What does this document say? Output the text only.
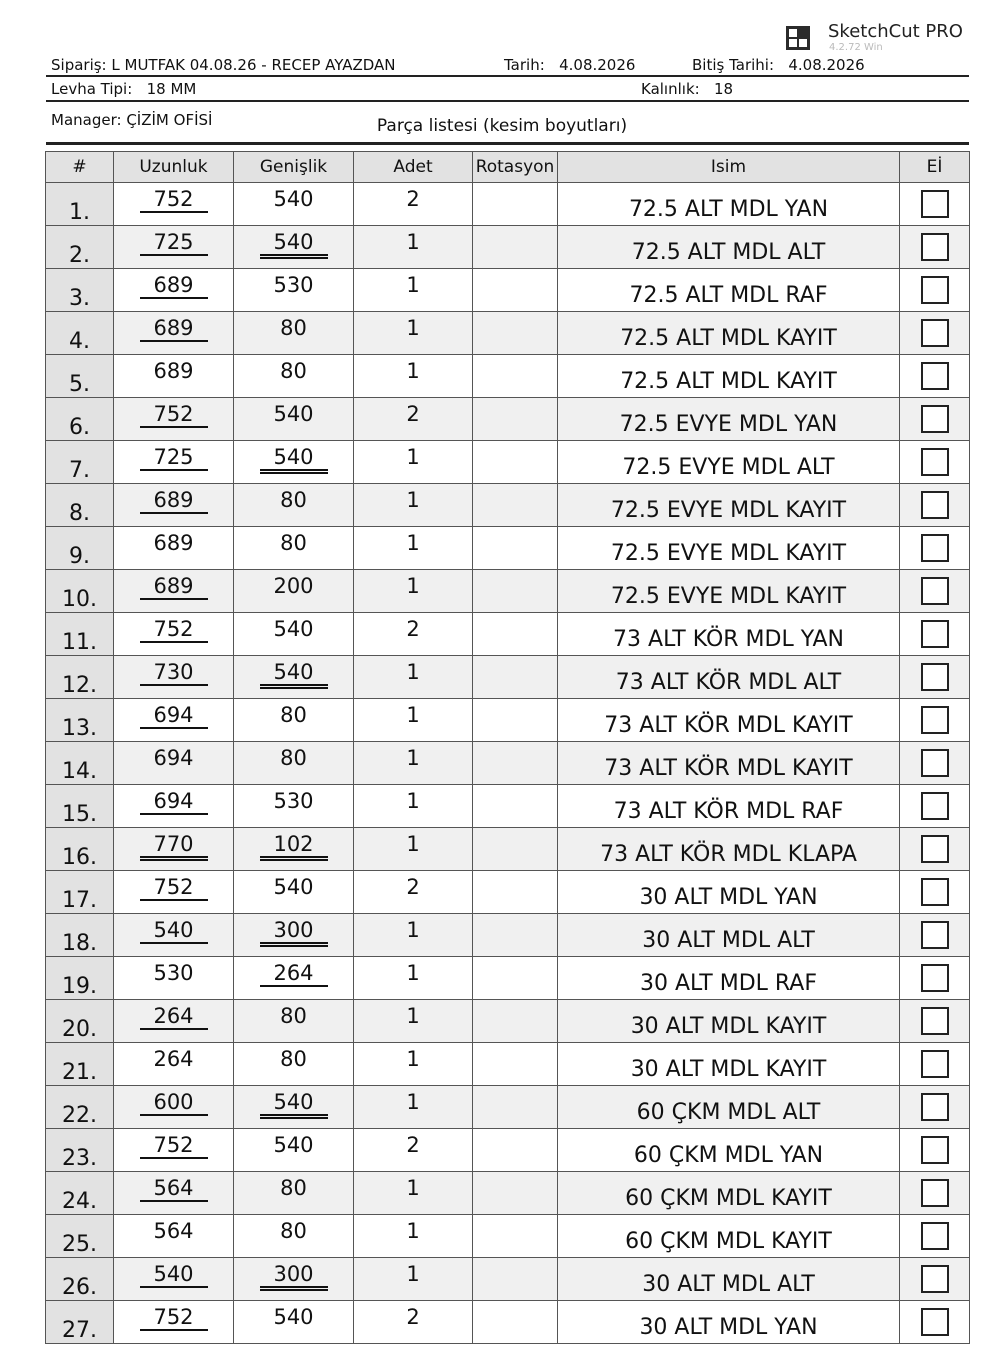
SketchCut PRO
4.2.72 Win
Sipariş: L MUTFAK 04.08.26 - RECEP AYAZDAN	Tarih: 4.08.2026	Bitiş Tarihi: 4.08.2026
Levha Tipi: 18 MM	Kalınlık: 18
Manager: ÇİZİM OFİSİ	Parça listesi (kesim boyutları)
#	Uzunluk	Genişlik	Adet	Rotasyon	Isim	Eİ
1.	752	540	2		72.5 ALT MDL YAN	
2.	725	540	1		72.5 ALT MDL ALT	
3.	689	530	1		72.5 ALT MDL RAF	
4.	689	80	1		72.5 ALT MDL KAYIT	
5.	689	80	1		72.5 ALT MDL KAYIT	
6.	752	540	2		72.5 EVYE MDL YAN	
7.	725	540	1		72.5 EVYE MDL ALT	
8.	689	80	1		72.5 EVYE MDL KAYIT	
9.	689	80	1		72.5 EVYE MDL KAYIT	
10.	689	200	1		72.5 EVYE MDL KAYIT	
11.	752	540	2		73 ALT KÖR MDL YAN	
12.	730	540	1		73 ALT KÖR MDL ALT	
13.	694	80	1		73 ALT KÖR MDL KAYIT	
14.	694	80	1		73 ALT KÖR MDL KAYIT	
15.	694	530	1		73 ALT KÖR MDL RAF	
16.	770	102	1		73 ALT KÖR MDL KLAPA	
17.	752	540	2		30 ALT MDL YAN	
18.	540	300	1		30 ALT MDL ALT	
19.	530	264	1		30 ALT MDL RAF	
20.	264	80	1		30 ALT MDL KAYIT	
21.	264	80	1		30 ALT MDL KAYIT	
22.	600	540	1		60 ÇKM MDL ALT	
23.	752	540	2		60 ÇKM MDL YAN	
24.	564	80	1		60 ÇKM MDL KAYIT	
25.	564	80	1		60 ÇKM MDL KAYIT	
26.	540	300	1		30 ALT MDL ALT	
27.	752	540	2		30 ALT MDL YAN	
